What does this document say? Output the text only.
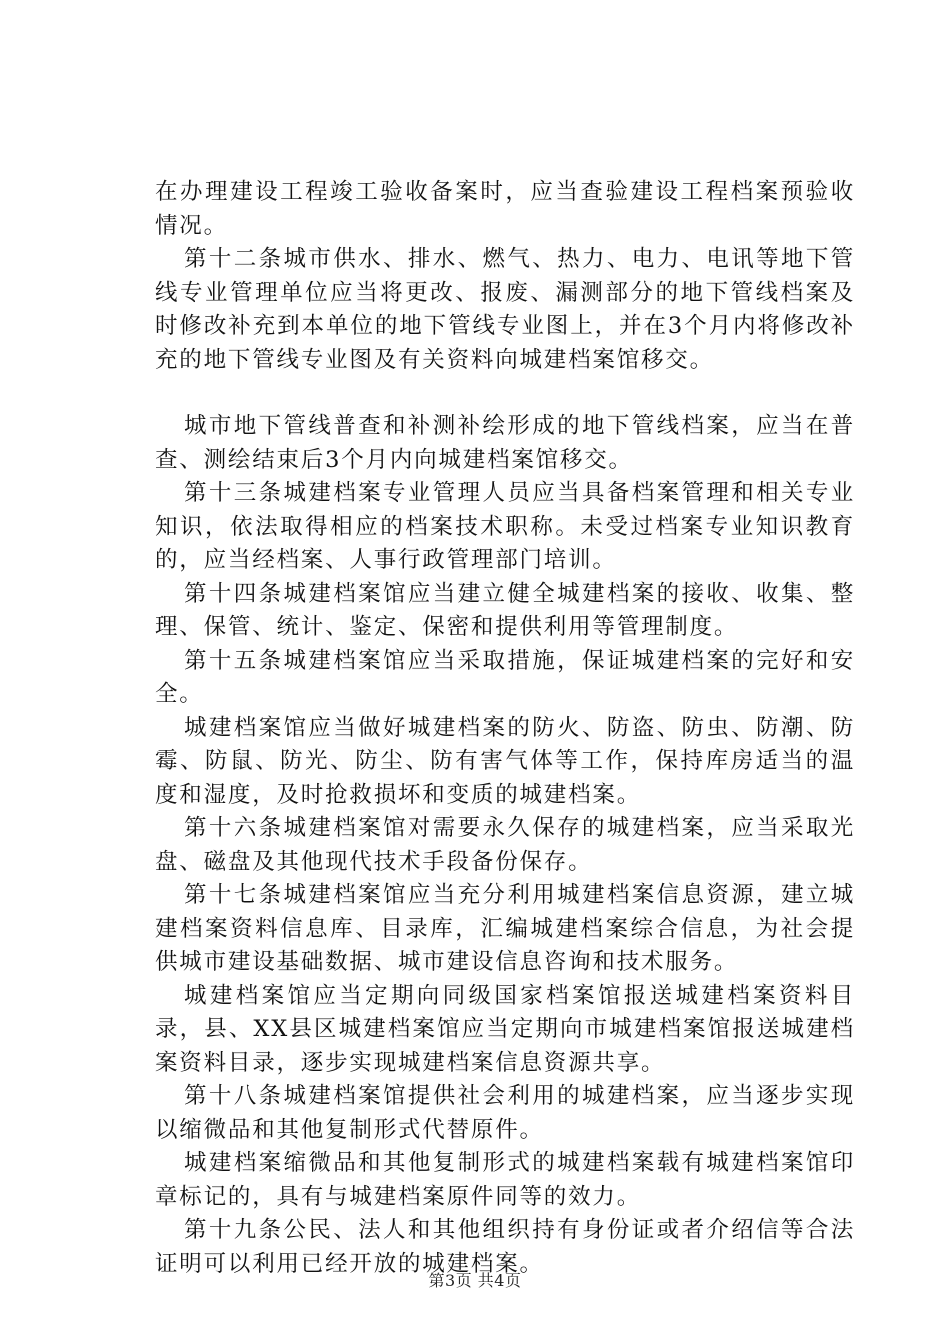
在办理建设工程竣工验收备案时，应当查验建设工程档案预验收情况。

第十二条城市供水、排水、燃气、热力、电力、电讯等地下管线专业管理单位应当将更改、报废、漏测部分的地下管线档案及时修改补充到本单位的地下管线专业图上，并在3个月内将修改补充的地下管线专业图及有关资料向城建档案馆移交。

城市地下管线普查和补测补绘形成的地下管线档案，应当在普查、测绘结束后3个月内向城建档案馆移交。

第十三条城建档案专业管理人员应当具备档案管理和相关专业知识，依法取得相应的档案技术职称。未受过档案专业知识教育的，应当经档案、人事行政管理部门培训。

第十四条城建档案馆应当建立健全城建档案的接收、收集、整理、保管、统计、鉴定、保密和提供利用等管理制度。

第十五条城建档案馆应当采取措施，保证城建档案的完好和安全。

城建档案馆应当做好城建档案的防火、防盗、防虫、防潮、防霉、防鼠、防光、防尘、防有害气体等工作，保持库房适当的温度和湿度，及时抢救损坏和变质的城建档案。

第十六条城建档案馆对需要永久保存的城建档案，应当采取光盘、磁盘及其他现代技术手段备份保存。

第十七条城建档案馆应当充分利用城建档案信息资源，建立城建档案资料信息库、目录库，汇编城建档案综合信息，为社会提供城市建设基础数据、城市建设信息咨询和技术服务。

城建档案馆应当定期向同级国家档案馆报送城建档案资料目录，县、XX县区城建档案馆应当定期向市城建档案馆报送城建档案资料目录，逐步实现城建档案信息资源共享。

第十八条城建档案馆提供社会利用的城建档案，应当逐步实现以缩微品和其他复制形式代替原件。

城建档案缩微品和其他复制形式的城建档案载有城建档案馆印章标记的，具有与城建档案原件同等的效力。

第十九条公民、法人和其他组织持有身份证或者介绍信等合法证明可以利用已经开放的城建档案。

第3页 共4页
